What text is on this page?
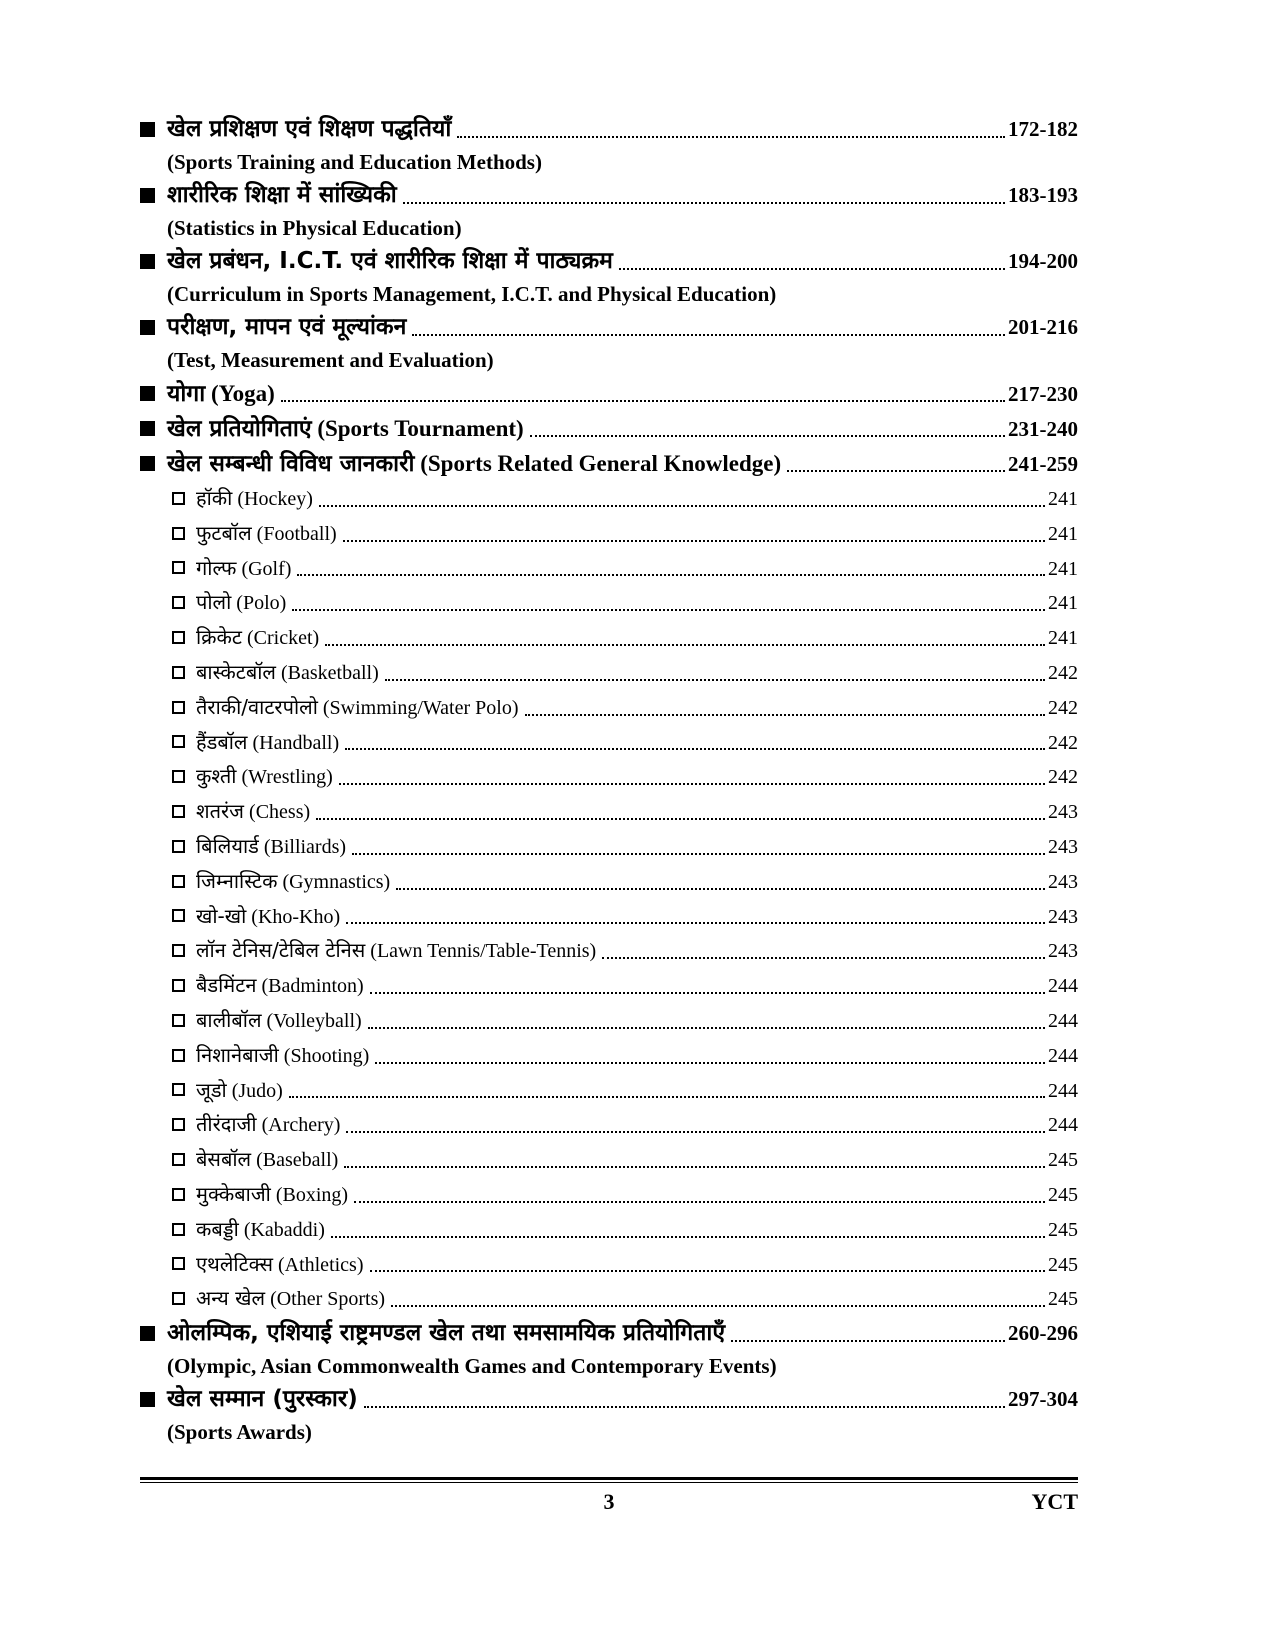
खेल प्रशिक्षण एवं शिक्षण पद्धतियाँ	172-182
(Sports Training and Education Methods)
शारीरिक शिक्षा में सांख्यिकी	183-193
(Statistics in Physical Education)
खेल प्रबंधन, I.C.T. एवं शारीरिक शिक्षा में पाठ्यक्रम	194-200
(Curriculum in Sports Management, I.C.T. and Physical Education)
परीक्षण, मापन एवं मूल्यांकन	201-216
(Test, Measurement and Evaluation)
योगा (Yoga)	217-230
खेल प्रतियोगिताएं (Sports Tournament)	231-240
खेल सम्बन्धी विविध जानकारी (Sports Related General Knowledge)	241-259
हॉकी (Hockey)	241
फुटबॉल (Football)	241
गोल्फ (Golf)	241
पोलो (Polo)	241
क्रिकेट (Cricket)	241
बास्केटबॉल (Basketball)	242
तैराकी/वाटरपोलो (Swimming/Water Polo)	242
हैंडबॉल (Handball)	242
कुश्ती (Wrestling)	242
शतरंज (Chess)	243
बिलियार्ड (Billiards)	243
जिम्नास्टिक (Gymnastics)	243
खो-खो (Kho-Kho)	243
लॉन टेनिस/टेबिल टेनिस (Lawn Tennis/Table-Tennis)	243
बैडमिंटन (Badminton)	244
बालीबॉल (Volleyball)	244
निशानेबाजी (Shooting)	244
जूडो (Judo)	244
तीरंदाजी (Archery)	244
बेसबॉल (Baseball)	245
मुक्केबाजी (Boxing)	245
कबड्डी (Kabaddi)	245
एथलेटिक्स (Athletics)	245
अन्य खेल (Other Sports)	245
ओलम्पिक, एशियाई राष्ट्रमण्डल खेल तथा समसामयिक प्रतियोगिताएँ	260-296
(Olympic, Asian Commonwealth Games and Contemporary Events)
खेल सम्मान (पुरस्कार)	297-304
(Sports Awards)
3	YCT
